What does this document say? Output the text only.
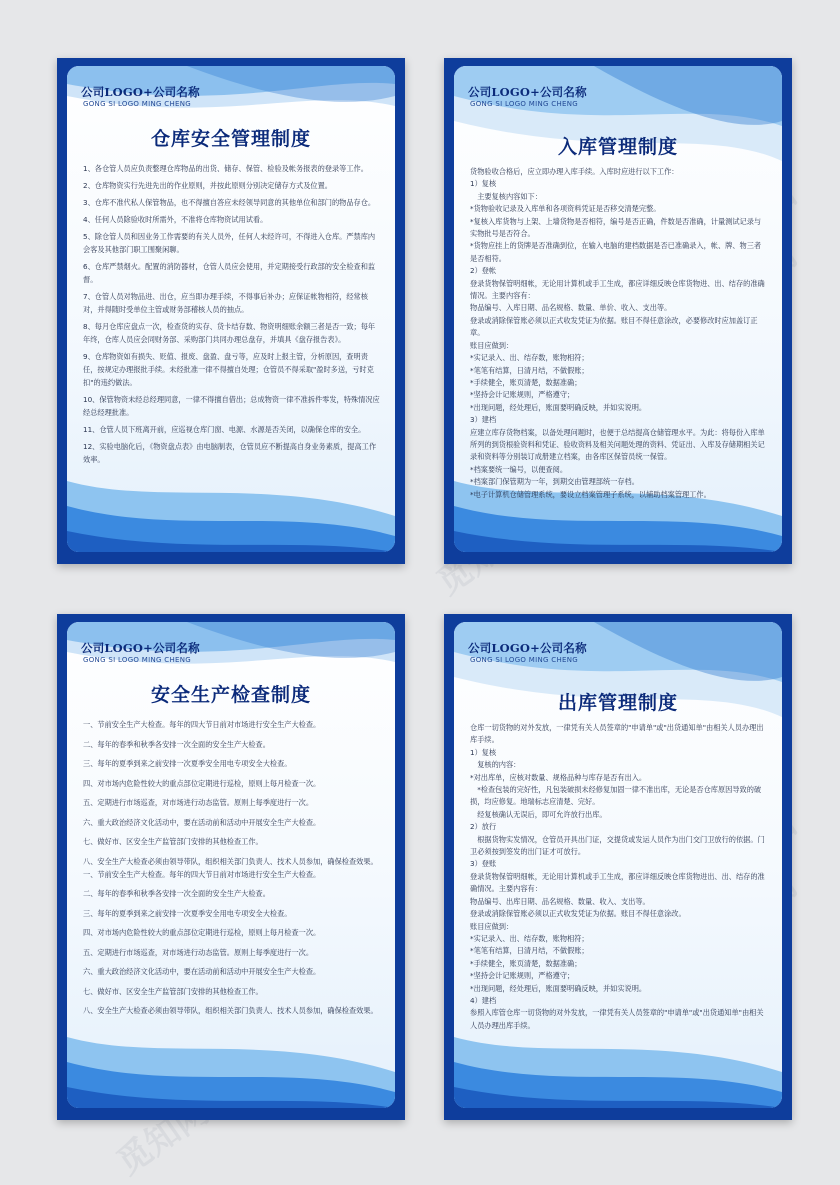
觅知网
公司LOGO+公司名称
GONG SI LOGO MING CHENG
仓库安全管理制度

1、各仓管人员应负责整理仓库物品的出货、储存、保管、检验及帐务报表的登录等工作。

2、仓库物资实行先进先出的作业原则，并按此原则分别决定储存方式及位置。

3、仓库不准代私人保管物品，也不得擅自答应未经领导同意的其他单位和部门的物品存仓。

4、任何人员除验收时所需外，不准将仓库物资试用试看。

5、除仓管人员和因业务工作需要的有关人员外，任何人未经许可，不得进入仓库。严禁库内会客及其他部门职工围聚闲聊。

6、仓库严禁烟火。配置的消防器材，仓管人员应会使用，并定期接受行政部的安全检查和监督。

7、仓管人员对物品进、出仓，应当即办理手续，不得事后补办；应保证帐物相符，经常核对，并得随时受单位主管或财务部稽核人员的抽点。

8、每月仓库应盘点一次，检查货的实存、货卡结存数、物资明细账余额三者是否一致；每年年终，仓库人员应会同财务部、采购部门共同办理总盘存，并填具《盘存报告表》。

9、仓库物资如有损失、贬值、报废、盘盈、盘亏等，应及时上报主管，分析原因，查明责任，按规定办理报批手续。未经批准一律不得擅自处理；仓管员不得采取"盈时多送，亏时克扣"的违约做法。

10、保管物资未经总经理同意，一律不得擅自借出；总成物资一律不准拆件零发，特殊情况应经总经理批准。

11、仓管人员下班离开前，应巡视仓库门窗、电源、水源是否关闭，以确保仓库的安全。

12、实验电脑化后，《物资盘点表》由电脑制表，仓管员应不断提高自身业务素质，提高工作效率。

公司LOGO+公司名称
GONG SI LOGO MING CHENG
入库管理制度

货物验收合格后，应立即办理入库手续。入库时应进行以下工作：

1）复核

　主要复核内容如下：

*货物验收记录及入库单和各项资料凭证是否移交清楚完整。

*复核入库货物与上架、上墙货物是否相符，编号是否正确，件数是否准确，计量测试记录与实物批号是否符合。

*货物应挂上的货牌是否准确到位，在输入电脑的建档数据是否已准确录入，帐、牌、物三者是否相符。

2）登帐

登录货物保管明细帐，无论用计算机或手工生成，都应详细反映仓库货物进、出、结存的准确情况。主要内容有：

物品编号、入库日期、品名规格、数量、单价、收入、支出等。

登录或消除保管账必须以正式收发凭证为依据。账目不得任意涂改，必要修改时应加盖订正章。

账目应做到：

*实记录入、出、结存数，账物相符；

*笔笔有结算，日清月结，不做假账；

*手续健全，账页清楚，数据准确；

*坚持会计记账规则，严格遵守；

*出现问题，经处理后，账面要明确反映，并如实说明。

3）建档

应建立库存货物档案，以备处理问题时，也便于总结提高仓储管理水平。为此：将每份入库单所列的到货根验资料和凭证、验收资料及相关问题处理的资料、凭证出、入库及存储期相关记录和资料等分别装订成册建立档案，由各库区保管员统一保管。

*档案要统一编号，以便查阅。

*档案部门保管期为一年，到期交由管理部统一存档。

*电子计算机仓储管理系统，要设立档案管理子系统，以辅助档案管理工作。

公司LOGO+公司名称
GONG SI LOGO MING CHENG
安全生产检查制度

一、节前安全生产大检查。每年的四大节日前对市场进行安全生产大检查。

二、每年的春季和秋季各安排一次全面的安全生产大检查。

三、每年的夏季到来之前安排一次夏季安全用电专项安全大检查。

四、对市场内危险性较大的重点部位定期进行巡检，原则上每月检查一次。

五、定期进行市场巡查，对市场进行动态监管。原则上每季度进行一次。

六、重大政治经济文化活动中，要在活动前和活动中开展安全生产大检查。

七、做好市、区安全生产监管部门安排的其他检查工作。

八、安全生产大检查必须由领导带队，组织相关部门负责人、技术人员参加，确保检查效果。一、节前安全生产大检查。每年的四大节日前对市场进行安全生产大检查。

二、每年的春季和秋季各安排一次全面的安全生产大检查。

三、每年的夏季到来之前安排一次夏季安全用电专项安全大检查。

四、对市场内危险性较大的重点部位定期进行巡检，原则上每月检查一次。

五、定期进行市场巡查，对市场进行动态监管。原则上每季度进行一次。

六、重大政治经济文化活动中，要在活动前和活动中开展安全生产大检查。

七、做好市、区安全生产监管部门安排的其他检查工作。

八、安全生产大检查必须由领导带队，组织相关部门负责人、技术人员参加，确保检查效果。

公司LOGO+公司名称
GONG SI LOGO MING CHENG
出库管理制度

仓库一切货物的对外发放，一律凭有关人员签章的"申请单"或"出货通知单"由相关人员办理出库手续。

1）复核

　复核的内容：

*对出库单，应核对数量、规格品种与库存是否有出入。

　*检查包装的完好性，凡包装破损未经修复加固一律不准出库，无论是否仓库原因导致的破损，均应修复。地瑞标志应清楚、完好。

　经复核确认无误后，即可允许放行出库。

2）放行

　根据货物实发情况，仓管员开具出门证，交提货或发运人员作为出门交门卫放行的依据。门卫必须按到签发的出门证才可放行。

3）登账

登录货物保管明细帐，无论用计算机或手工生成，都应详细反映仓库货物进出、出、结存的准确情况。主要内容有：

物品编号、出库日期、品名规格、数量、收入、支出等。

登录或消除保管账必须以正式收发凭证为依据。账目不得任意涂改。

账目应做到：

*实记录入、出、结存数，账物相符；

*笔笔有结算，日清月结，不做假账；

*手续健全，账页清楚，数据准确；

*坚持会计记账规则，严格遵守；

*出现问题，经处理后，账面要明确反映，并如实说明。

4）建档

参照入库管仓库一切货物的对外发放，一律凭有关人员签章的"申请单"或"出货通知单"由相关人员办理出库手续。
